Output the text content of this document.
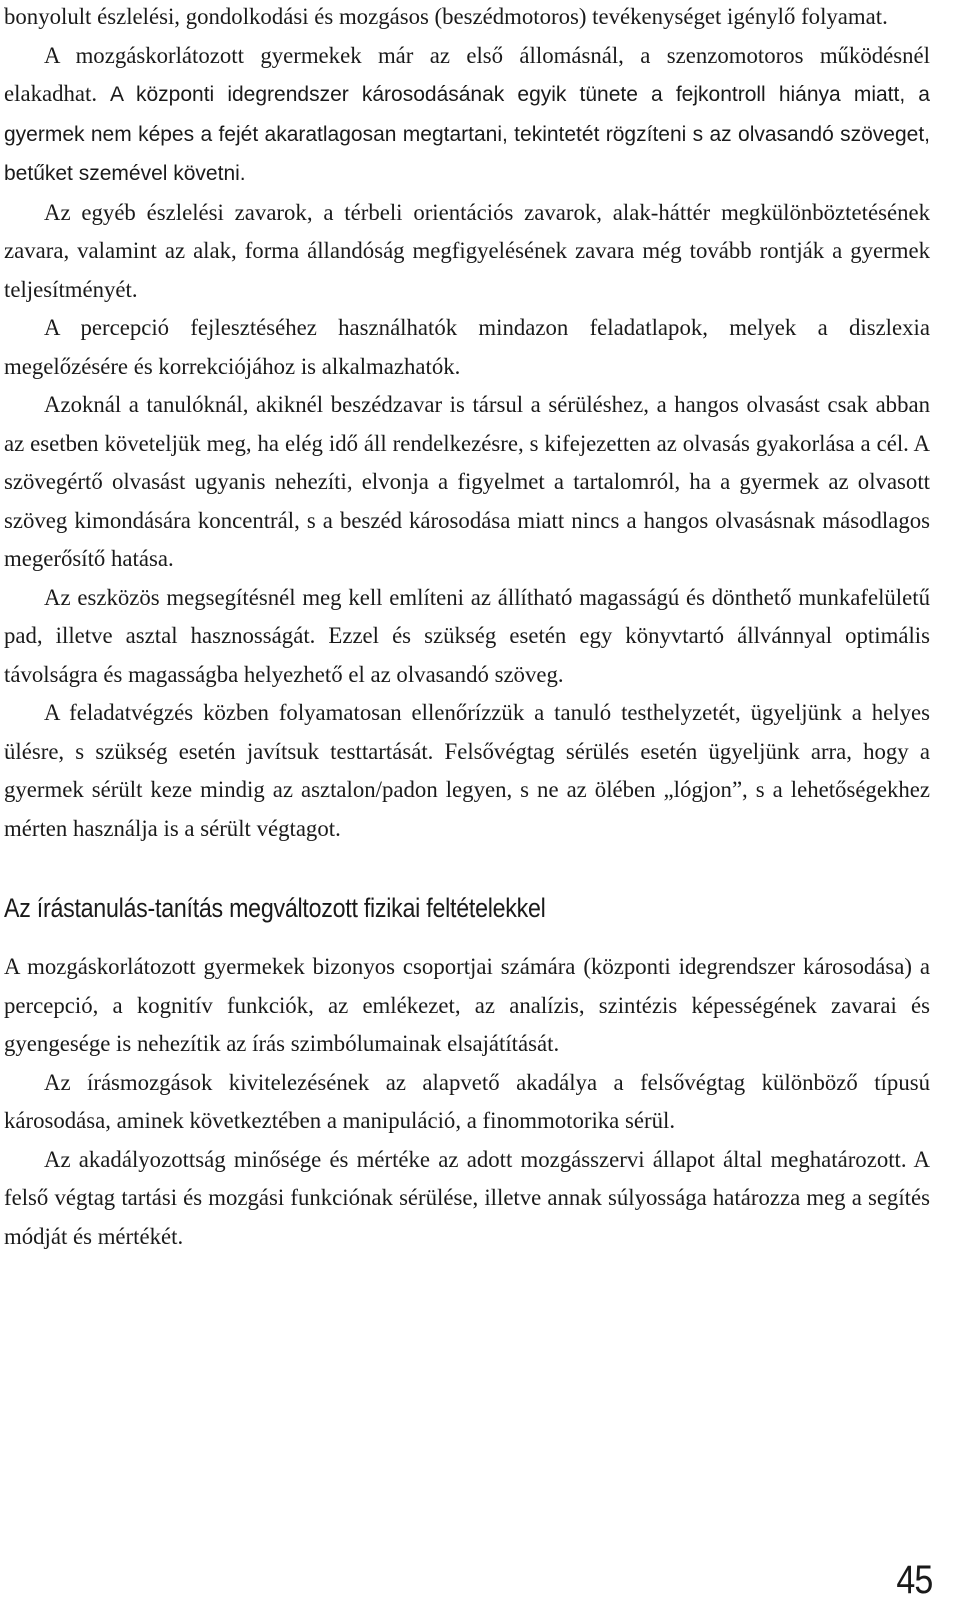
bonyolult észlelési, gondolkodási és mozgásos (beszédmotoros) tevékenységet igénylő folyamat.

A mozgáskorlátozott gyermekek már az első állomásnál, a szenzomotoros működésnél elakadhat. A központi idegrendszer károsodásának egyik tünete a fejkontroll hiánya miatt, a gyermek nem képes a fejét akaratlagosan megtartani, tekintetét rögzíteni s az olvasandó szöveget, betűket szemével követni.

Az egyéb észlelési zavarok, a térbeli orientációs zavarok, alak-háttér megkülönböztetésének zavara, valamint az alak, forma állandóság megfigyelésének zavara még tovább rontják a gyermek teljesítményét.

A percepció fejlesztéséhez használhatók mindazon feladatlapok, melyek a diszlexia megelőzésére és korrekciójához is alkalmazhatók.

Azoknál a tanulóknál, akiknél beszédzavar is társul a sérüléshez, a hangos olvasást csak abban az esetben követeljük meg, ha elég idő áll rendelkezésre, s kifejezetten az olvasás gyakorlása a cél. A szövegértő olvasást ugyanis nehezíti, elvonja a figyelmet a tartalomról, ha a gyermek az olvasott szöveg kimondására koncentrál, s a beszéd károsodása miatt nincs a hangos olvasásnak másodlagos megerősítő hatása.

Az eszközös megsegítésnél meg kell említeni az állítható magasságú és dönthető munkafelületű pad, illetve asztal hasznosságát. Ezzel és szükség esetén egy könyvtartó állvánnyal optimális távolságra és magasságba helyezhető el az olvasandó szöveg.

A feladatvégzés közben folyamatosan ellenőrízzük a tanuló testhelyzetét, ügyeljünk a helyes ülésre, s szükség esetén javítsuk testtartását. Felsővégtag sérülés esetén ügyeljünk arra, hogy a gyermek sérült keze mindig az asztalon/padon legyen, s ne az ölében „lógjon”, s a lehetőségekhez mérten használja is a sérült végtagot.

Az írástanulás-tanítás megváltozott fizikai feltételekkel

A mozgáskorlátozott gyermekek bizonyos csoportjai számára (központi idegrendszer károsodása) a percepció, a kognitív funkciók, az emlékezet, az analízis, szintézis képességének zavarai és gyengesége is nehezítik az írás szimbólumainak elsajátítását.

Az írásmozgások kivitelezésének az alapvető akadálya a felsővégtag különböző típusú károsodása, aminek következtében a manipuláció, a finommotorika sérül.

Az akadályozottság minősége és mértéke az adott mozgásszervi állapot által meghatározott. A felső végtag tartási és mozgási funkciónak sérülése, illetve annak súlyossága határozza meg a segítés módját és mértékét.

45
